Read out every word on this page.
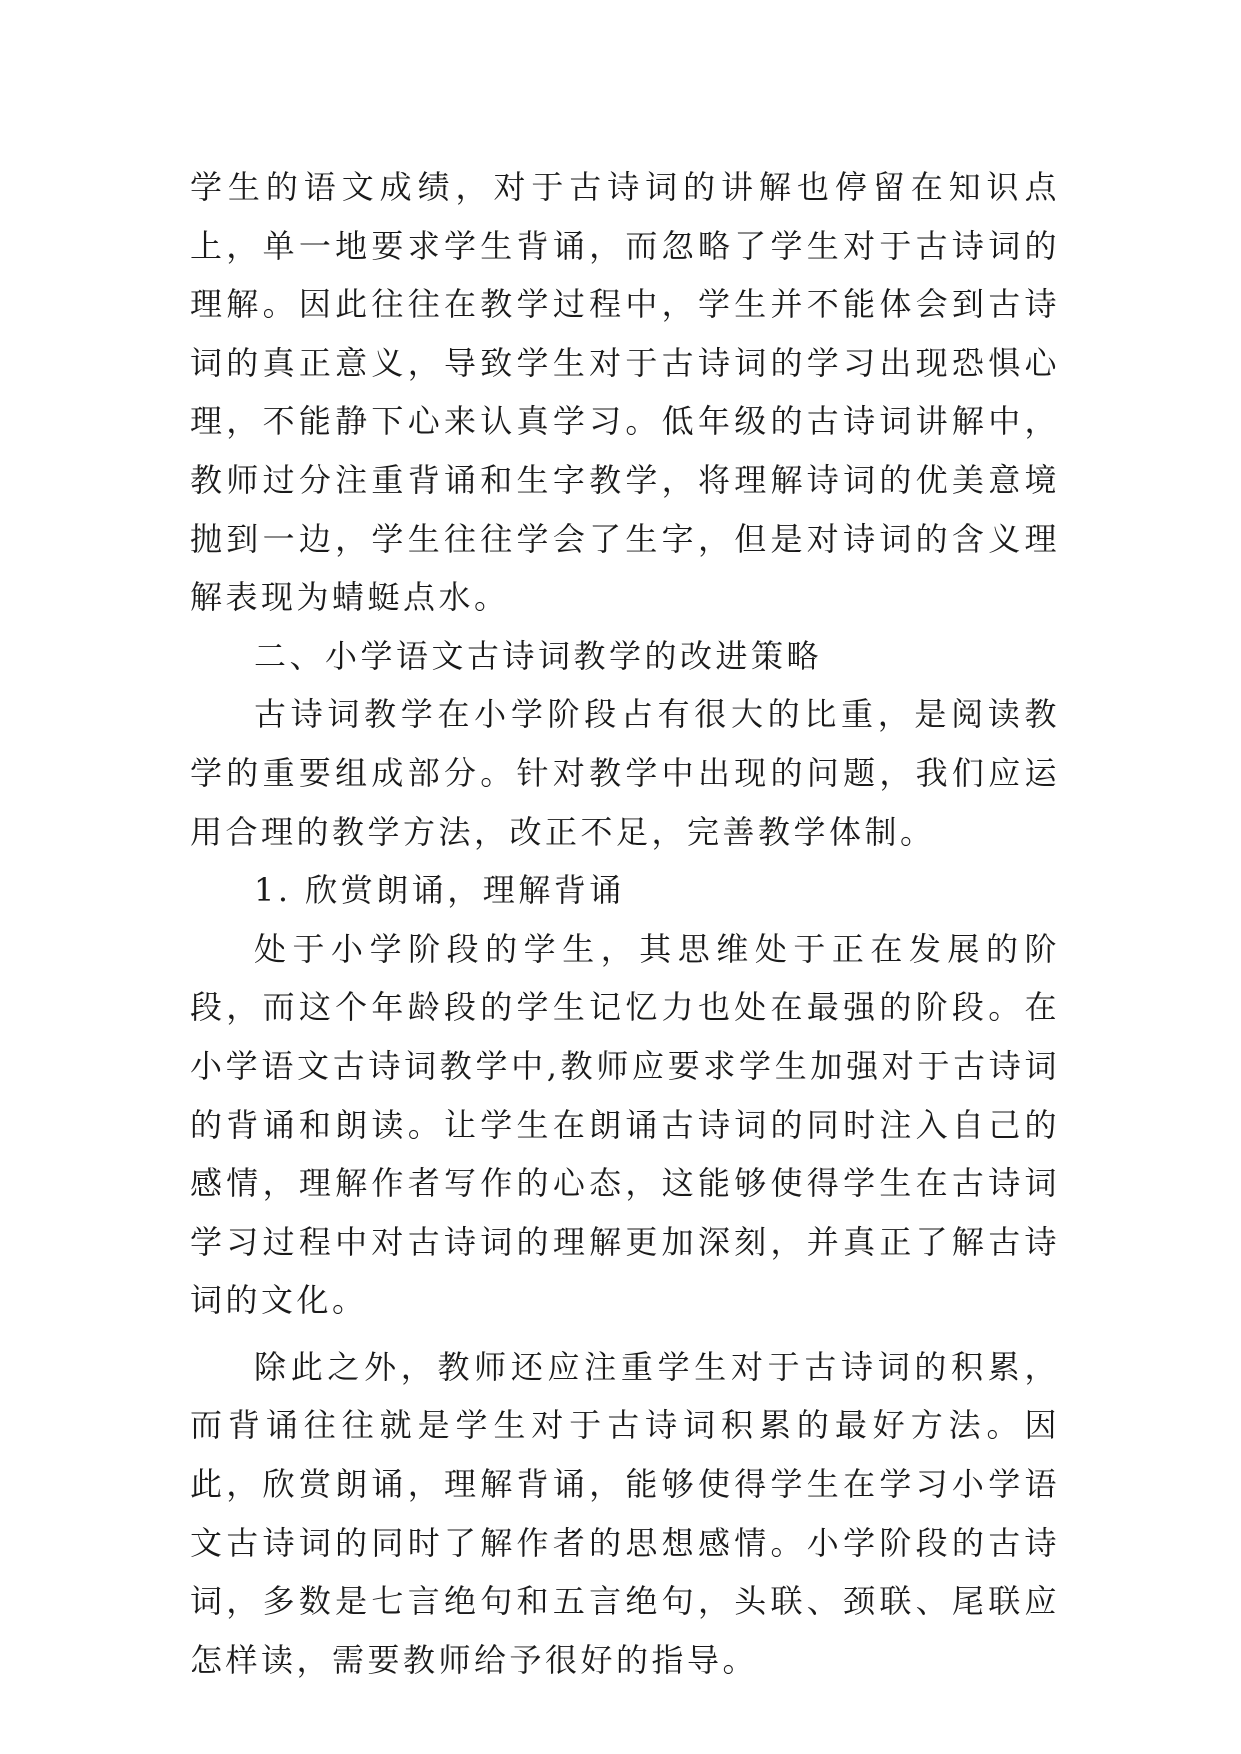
学生的语文成绩，对于古诗词的讲解也停留在知识点上，单一地要求学生背诵，而忽略了学生对于古诗词的理解。因此往往在教学过程中，学生并不能体会到古诗词的真正意义，导致学生对于古诗词的学习出现恐惧心理，不能静下心来认真学习。低年级的古诗词讲解中，教师过分注重背诵和生字教学，将理解诗词的优美意境抛到一边，学生往往学会了生字，但是对诗词的含义理解表现为蜻蜓点水。

二、小学语文古诗词教学的改进策略

古诗词教学在小学阶段占有很大的比重，是阅读教学的重要组成部分。针对教学中出现的问题，我们应运用合理的教学方法，改正不足，完善教学体制。

1. 欣赏朗诵，理解背诵

处于小学阶段的学生，其思维处于正在发展的阶段，而这个年龄段的学生记忆力也处在最强的阶段。在小学语文古诗词教学中,教师应要求学生加强对于古诗词的背诵和朗读。让学生在朗诵古诗词的同时注入自己的感情，理解作者写作的心态，这能够使得学生在古诗词学习过程中对古诗词的理解更加深刻，并真正了解古诗词的文化。

除此之外，教师还应注重学生对于古诗词的积累，而背诵往往就是学生对于古诗词积累的最好方法。因此，欣赏朗诵，理解背诵，能够使得学生在学习小学语文古诗词的同时了解作者的思想感情。小学阶段的古诗词，多数是七言绝句和五言绝句，头联、颈联、尾联应怎样读，需要教师给予很好的指导。
